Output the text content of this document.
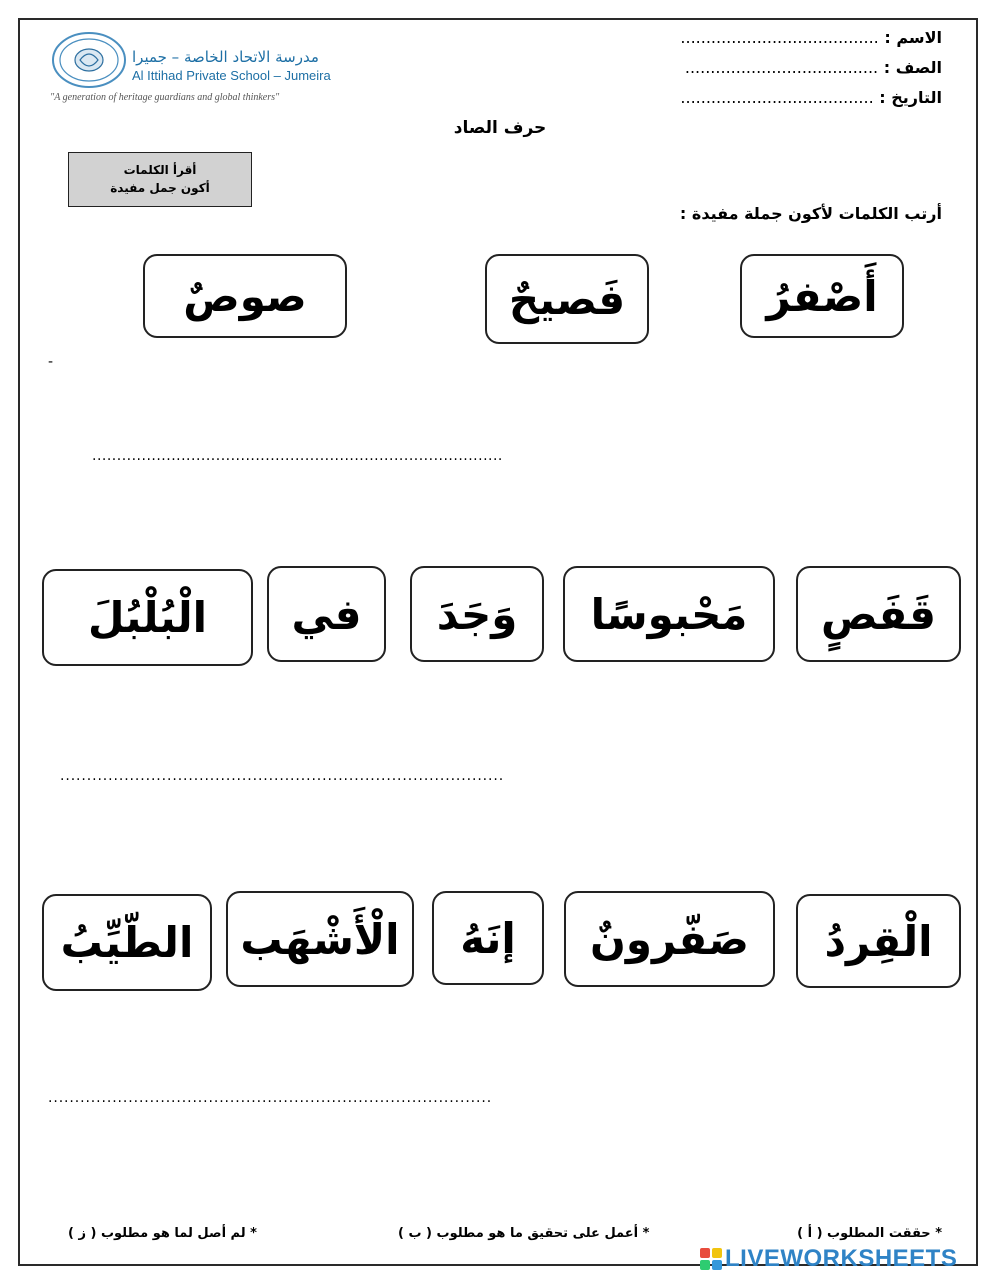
مدرسة الاتحاد الخاصة – جميرا
Al Ittihad Private School – Jumeira
"A generation of heritage guardians and global thinkers"
الاسم : .......................................
الصف : ......................................
التاريخ : ......................................
حرف الصاد
أقرأ الكلمات
أكون جمل مفيدة
أرتب الكلمات لأكون جملة مفيدة :
-
أَصْفرُ
فَصيحٌ
صوصٌ
...................................................................................
قَفَصٍ
مَحْبوسًا
وَجَدَ
في
الْبُلْبُلَ
...................................................................................
الْقِردُ
صَفّرونٌ
إنَهُ
الْأَشْهَب
الطّيِّبُ
...................................................................................
* حققت المطلوب ( أ )
* أعمل على تحقيق ما هو مطلوب ( ب )
* لم أصل لما هو مطلوب ( ز )
LIVEWORKSHEETS
